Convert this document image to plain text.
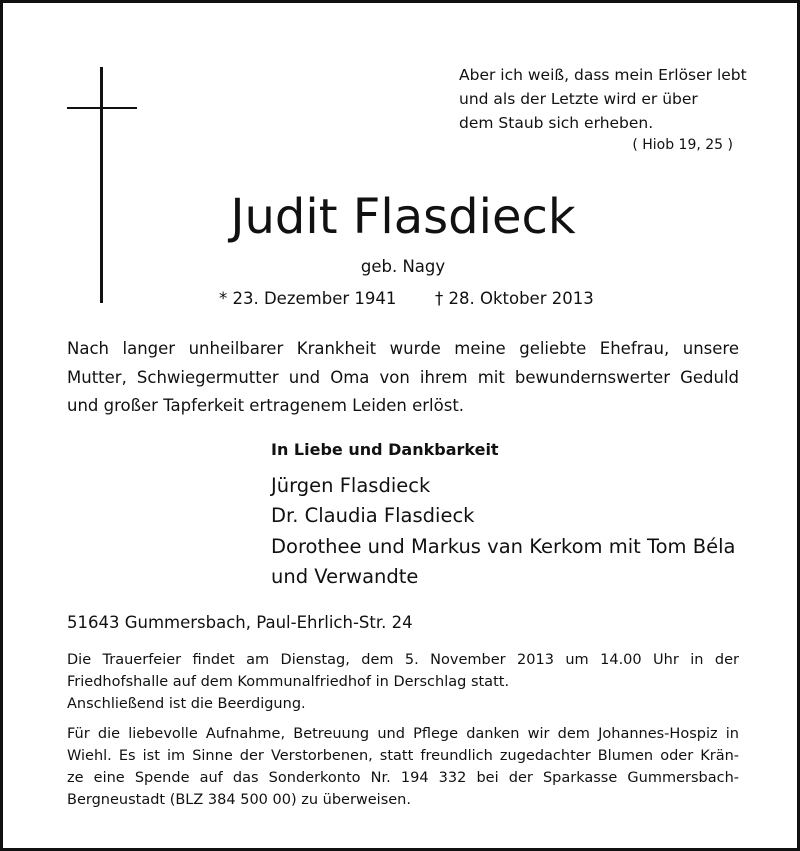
Aber ich weiß, dass mein Erlöser lebt
und als der Letzte wird er über
dem Staub sich erheben.
( Hiob 19, 25 )
Judit Flasdieck
geb. Nagy
* 23. Dezember 1941 † 28. Oktober 2013
Nach langer unheilbarer Krankheit wurde meine geliebte Ehefrau, unsere
Mutter, Schwiegermutter und Oma von ihrem mit bewundernswerter Geduld
und großer Tapferkeit ertragenem Leiden erlöst.
In Liebe und Dankbarkeit
Jürgen Flasdieck
Dr. Claudia Flasdieck
Dorothee und Markus van Kerkom mit Tom Béla
und Verwandte
51643 Gummersbach, Paul-Ehrlich-Str. 24
Die Trauerfeier findet am Dienstag, dem 5. November 2013 um 14.00 Uhr in der
Friedhofshalle auf dem Kommunalfriedhof in Derschlag statt.
Anschließend ist die Beerdigung.
Für die liebevolle Aufnahme, Betreuung und Pflege danken wir dem Johannes-Hospiz in
Wiehl. Es ist im Sinne der Verstorbenen, statt freundlich zugedachter Blumen oder Krän-
ze eine Spende auf das Sonderkonto Nr. 194 332 bei der Sparkasse Gummersbach-
Bergneustadt (BLZ 384 500 00) zu überweisen.
